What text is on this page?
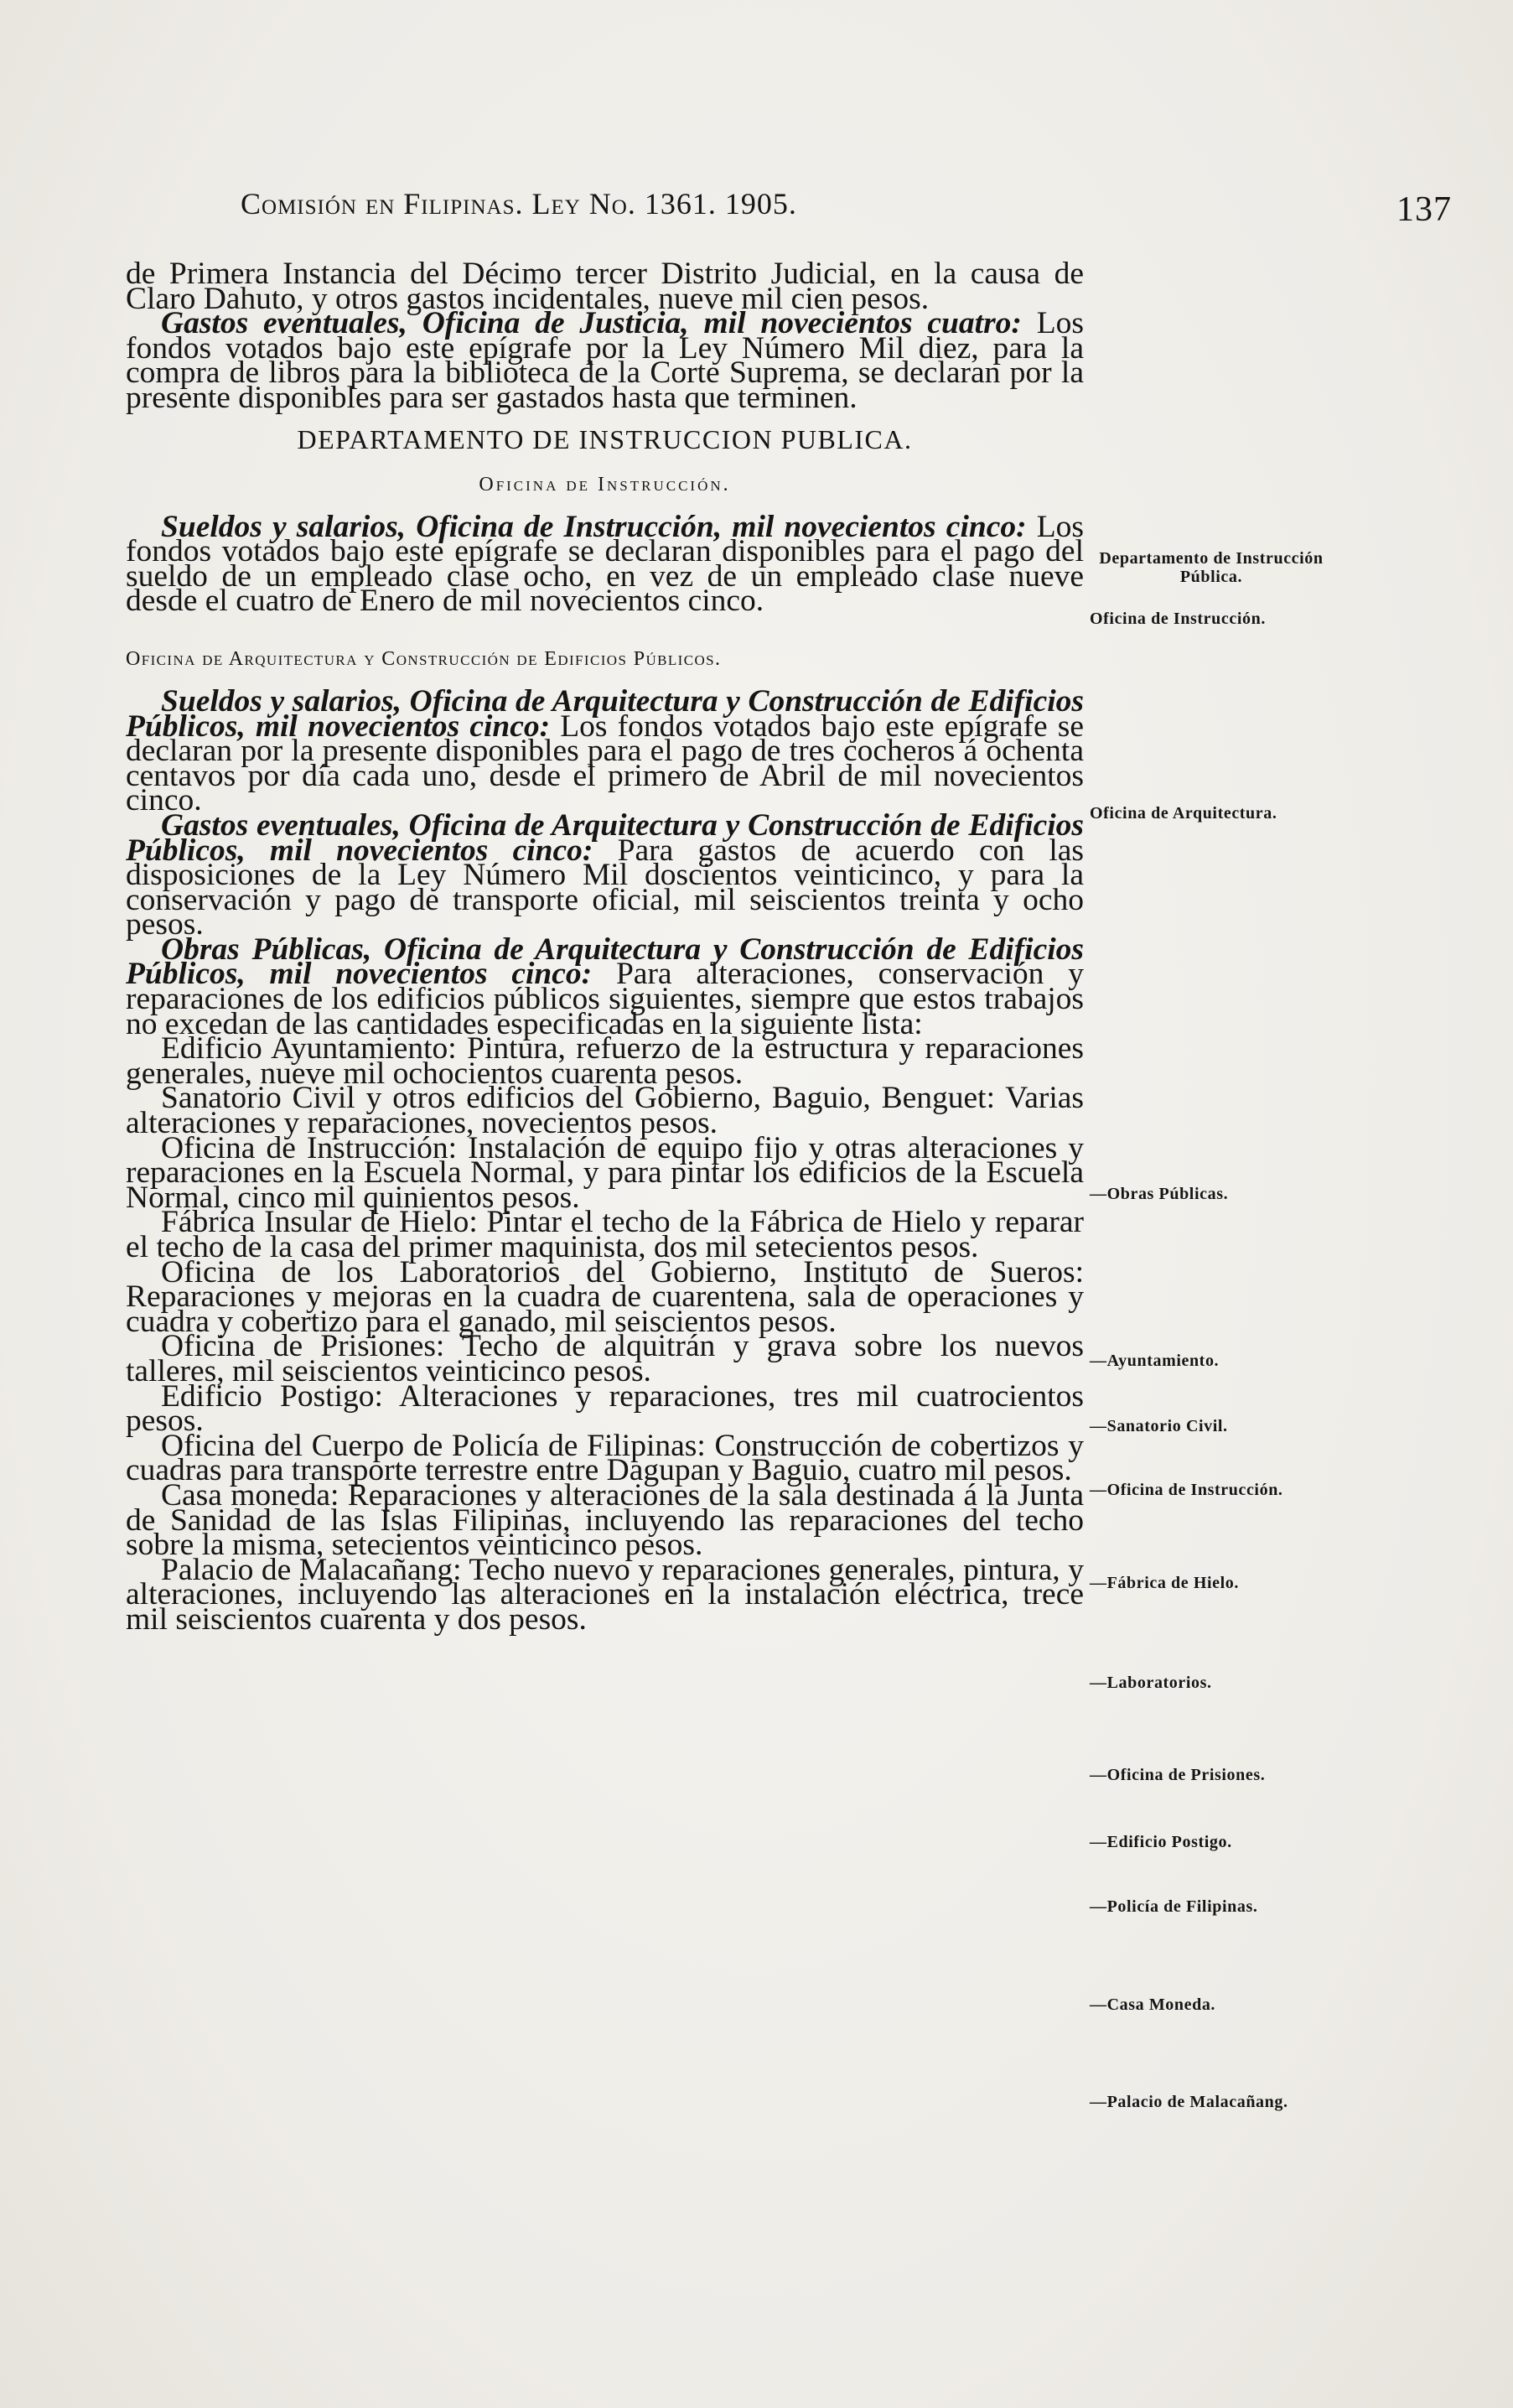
Comisión en Filipinas. Ley No. 1361. 1905.	137

de Primera Instancia del Décimo tercer Distrito Judicial, en la causa de Claro Dahuto, y otros gastos incidentales, nueve mil cien pesos.

Gastos eventuales, Oficina de Justicia, mil novecientos cuatro: Los fondos votados bajo este epígrafe por la Ley Número Mil diez, para la compra de libros para la biblioteca de la Corte Suprema, se declaran por la presente disponibles para ser gastados hasta que terminen.

DEPARTAMENTO DE INSTRUCCION PUBLICA.
Oficina de Instrucción.

Sueldos y salarios, Oficina de Instrucción, mil novecientos cinco: Los fondos votados bajo este epígrafe se declaran disponibles para el pago del sueldo de un empleado clase ocho, en vez de un empleado clase nueve desde el cuatro de Enero de mil novecientos cinco.

Oficina de Arquitectura y Construcción de Edificios Públicos.

Sueldos y salarios, Oficina de Arquitectura y Construcción de Edificios Públicos, mil novecientos cinco: Los fondos votados bajo este epígrafe se declaran por la presente disponibles para el pago de tres cocheros á ochenta centavos por día cada uno, desde el primero de Abril de mil novecientos cinco.

Gastos eventuales, Oficina de Arquitectura y Construcción de Edificios Públicos, mil novecientos cinco: Para gastos de acuerdo con las disposiciones de la Ley Número Mil doscientos veinticinco, y para la conservación y pago de transporte oficial, mil seiscientos treinta y ocho pesos.

Obras Públicas, Oficina de Arquitectura y Construcción de Edificios Públicos, mil novecientos cinco: Para alteraciones, conservación y reparaciones de los edificios públicos siguientes, siempre que estos trabajos no excedan de las cantidades especificadas en la siguiente lista:

Edificio Ayuntamiento: Pintura, refuerzo de la estructura y reparaciones generales, nueve mil ochocientos cuarenta pesos.

Sanatorio Civil y otros edificios del Gobierno, Baguio, Benguet: Varias alteraciones y reparaciones, novecientos pesos.

Oficina de Instrucción: Instalación de equipo fijo y otras alteraciones y reparaciones en la Escuela Normal, y para pintar los edificios de la Escuela Normal, cinco mil quinientos pesos.

Fábrica Insular de Hielo: Pintar el techo de la Fábrica de Hielo y reparar el techo de la casa del primer maquinista, dos mil setecientos pesos.

Oficina de los Laboratorios del Gobierno, Instituto de Sueros: Reparaciones y mejoras en la cuadra de cuarentena, sala de operaciones y cuadra y cobertizo para el ganado, mil seiscientos pesos.

Oficina de Prisiones: Techo de alquitrán y grava sobre los nuevos talleres, mil seiscientos veinticinco pesos.

Edificio Postigo: Alteraciones y reparaciones, tres mil cuatrocientos pesos.

Oficina del Cuerpo de Policía de Filipinas: Construcción de cobertizos y cuadras para transporte terrestre entre Dagupan y Baguio, cuatro mil pesos.

Casa moneda: Reparaciones y alteraciones de la sala destinada á la Junta de Sanidad de las Islas Filipinas, incluyendo las reparaciones del techo sobre la misma, setecientos veinticinco pesos.

Palacio de Malacañang: Techo nuevo y reparaciones generales, pintura, y alteraciones, incluyendo las alteraciones en la instalación eléctrica, trece mil seiscientos cuarenta y dos pesos.

Departamento de Instrucción Pública.
Oficina de Instrucción.
Oficina de Arquitectura.
—Obras Públicas.
—Ayuntamiento.
—Sanatorio Civil.
—Oficina de Instrucción.
—Fábrica de Hielo.
—Laboratorios.
—Oficina de Prisiones.
—Edificio Postigo.
—Policía de Filipinas.
—Casa Moneda.
—Palacio de Malacañang.
